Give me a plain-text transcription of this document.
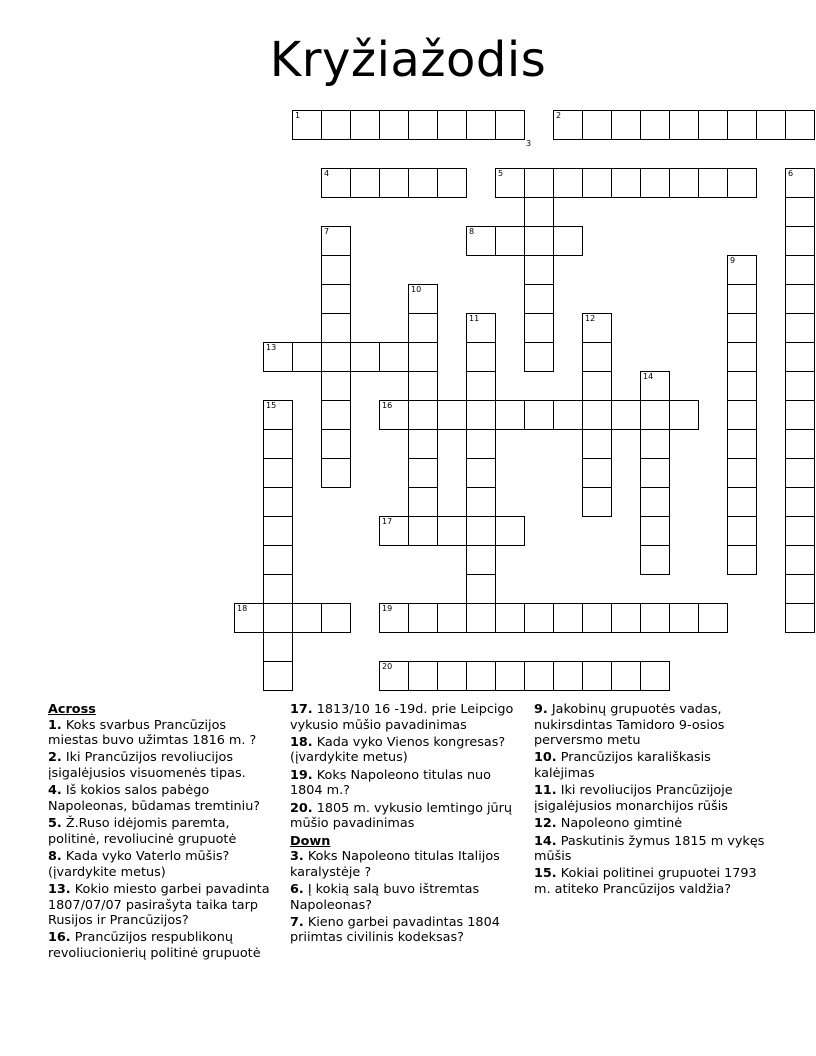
Kryžiažodis
1	2
4	5	6
7	8
9
10
11	12
13
14
15	16
17
18	19
20
3
Across
1. Koks svarbus Prancūzijos miestas buvo užimtas 1816 m. ?
2. Iki Prancūzijos revoliucijos įsigalėjusios visuomenės tipas.
4. Iš kokios salos pabėgo Napoleonas, būdamas tremtiniu?
5. Ž.Ruso idėjomis paremta, politinė, revoliucinė grupuotė
8. Kada vyko Vaterlo mūšis? (įvardykite metus)
13. Kokio miesto garbei pavadinta 1807/07/07 pasirašyta taika tarp Rusijos ir Prancūzijos?
16. Prancūzijos respublikonų revoliucionierių politinė grupuotė
17. 1813/10 16 -19d. prie Leipcigo vykusio mūšio pavadinimas
18. Kada vyko Vienos kongresas? (įvardykite metus)
19. Koks Napoleono titulas nuo 1804 m.?
20. 1805 m. vykusio lemtingo jūrų mūšio pavadinimas
Down
3. Koks Napoleono titulas Italijos karalystėje ?
6. Į kokią salą buvo ištremtas Napoleonas?
7. Kieno garbei pavadintas 1804 priimtas civilinis kodeksas?
9. Jakobinų grupuotės vadas, nukirsdintas Tamidoro 9-osios perversmo metu
10. Prancūzijos karališkasis kalėjimas
11. Iki revoliucijos Prancūzijoje įsigalėjusios monarchijos rūšis
12. Napoleono gimtinė
14. Paskutinis žymus 1815 m vykęs mūšis
15. Kokiai politinei grupuotei 1793 m. atiteko Prancūzijos valdžia?
